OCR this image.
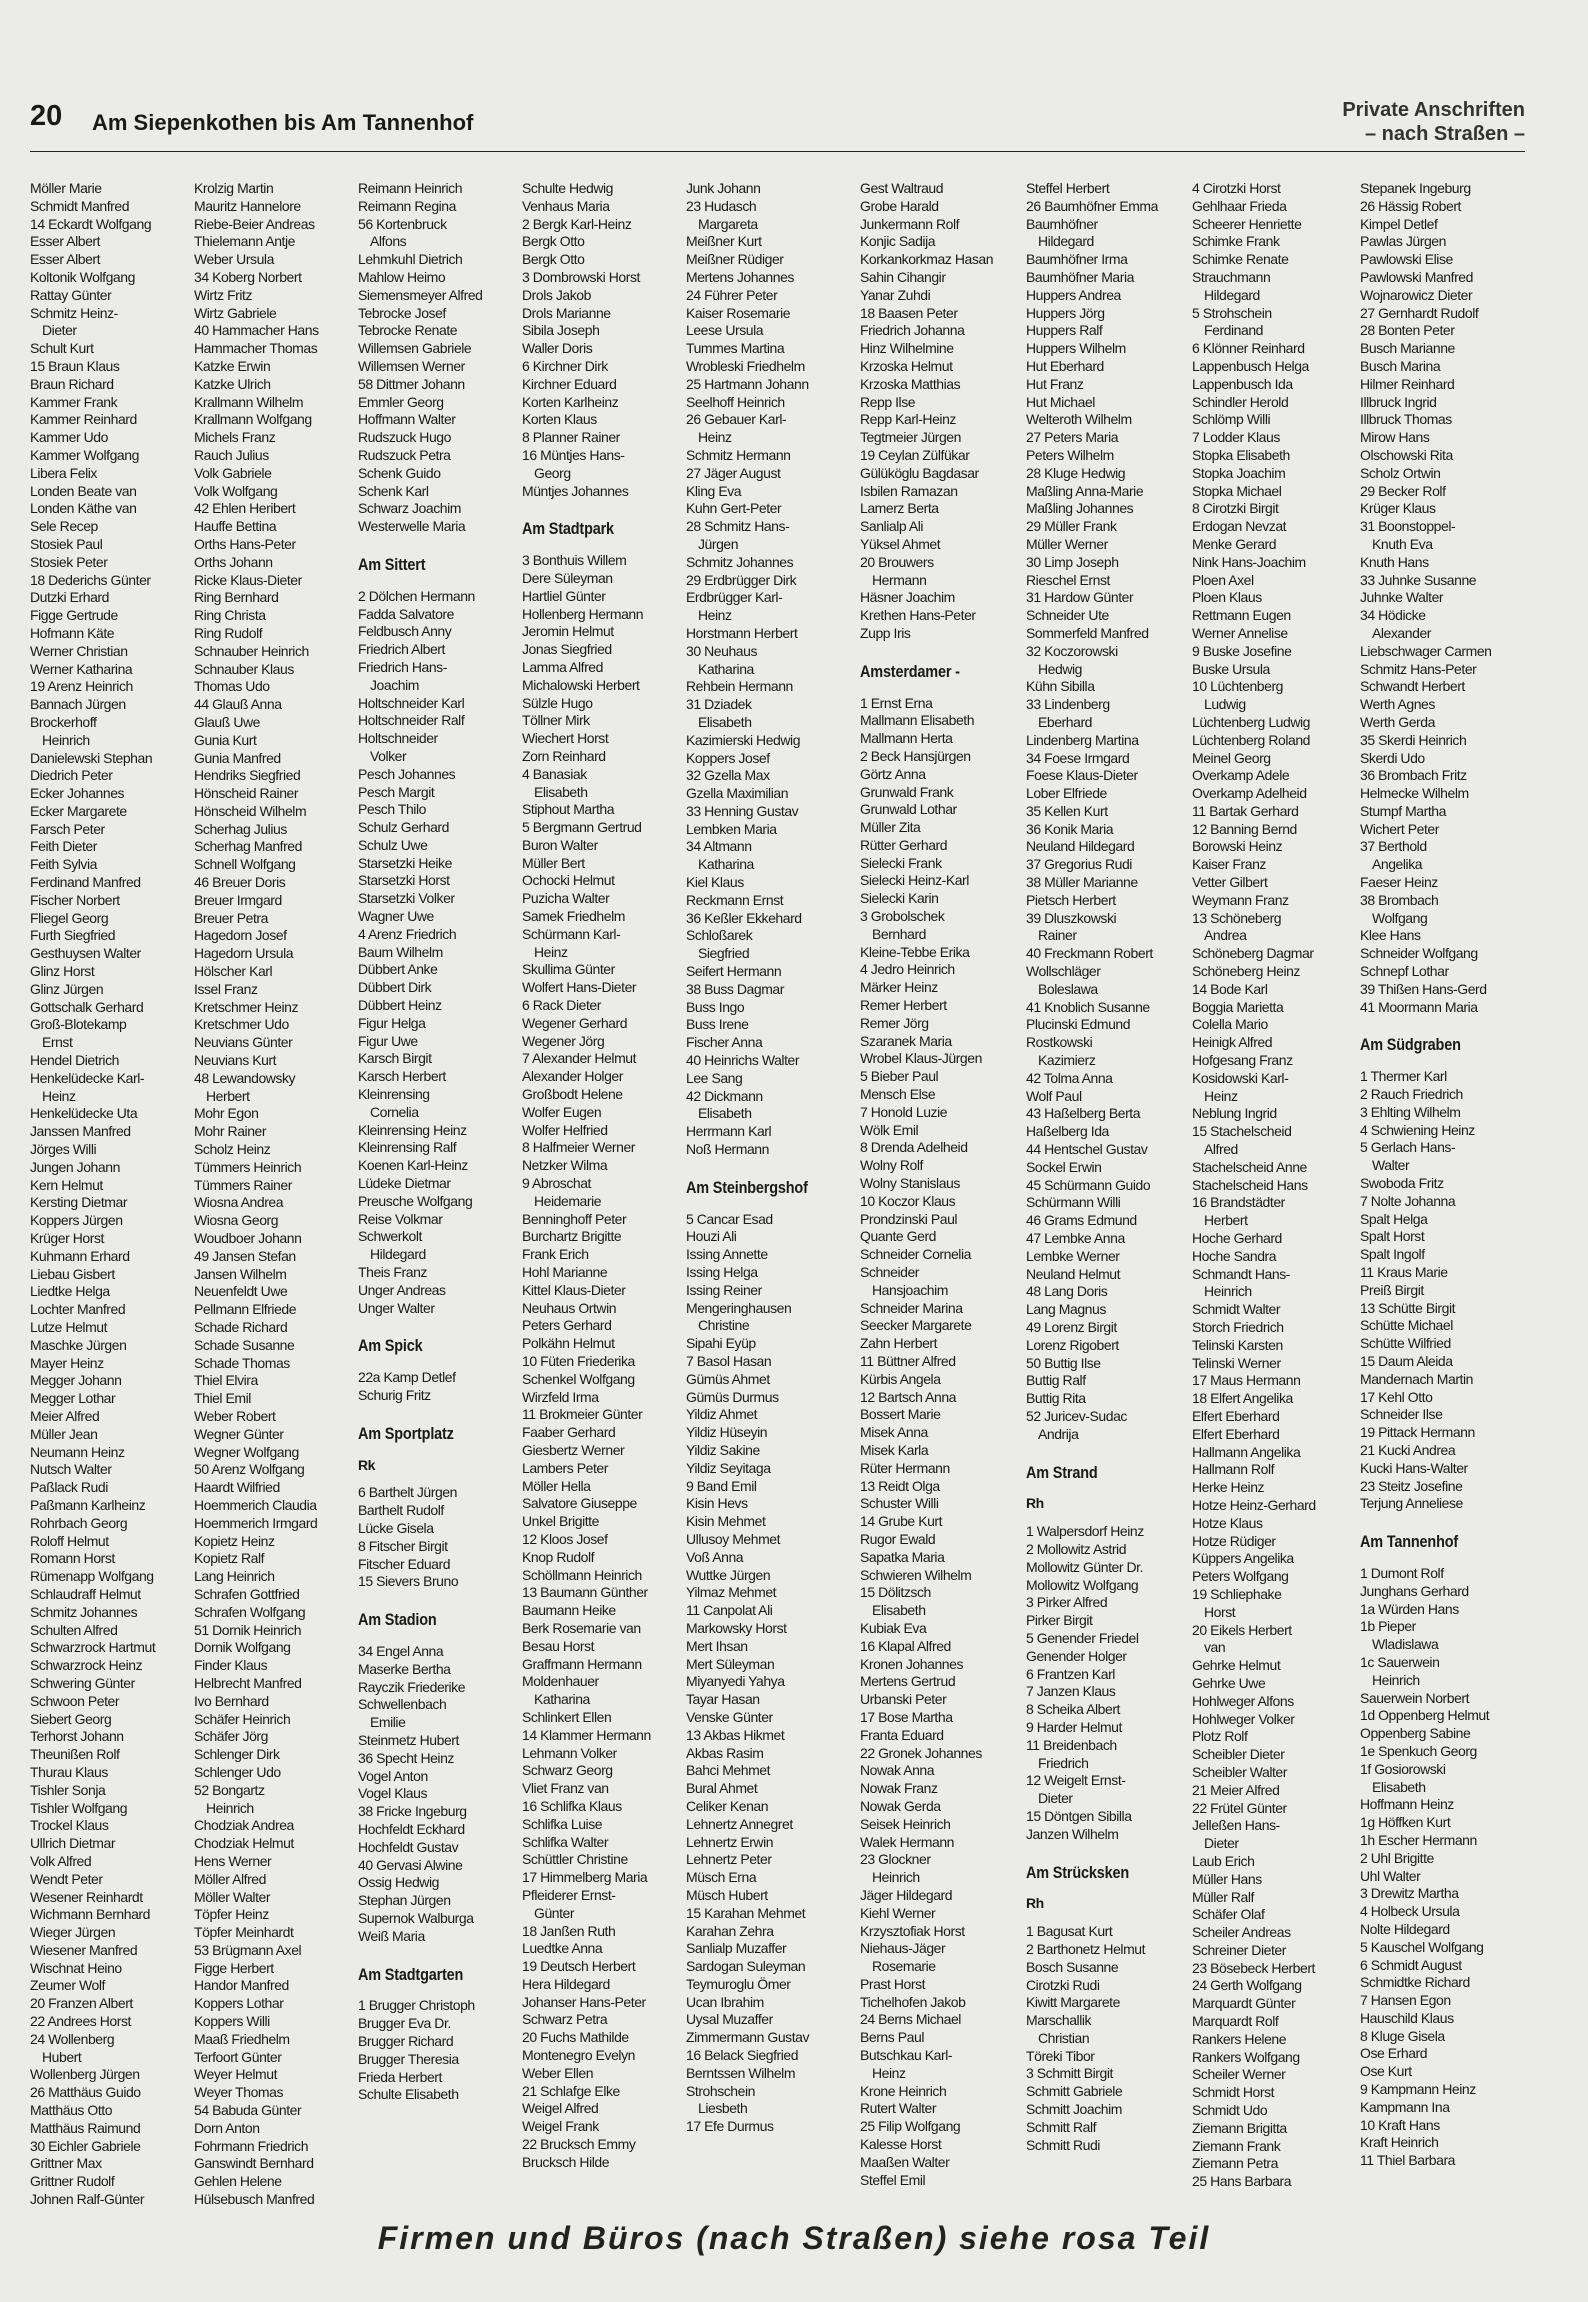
20 Am Siepenkothen bis Am Tannenhof	Private Anschriften
– nach Straßen –
Möller Marie
Schmidt Manfred
14 Eckardt Wolfgang
Esser Albert
Esser Albert
Koltonik Wolfgang
Rattay Günter
Schmitz Heinz-
Dieter
Schult Kurt
15 Braun Klaus
Braun Richard
Kammer Frank
Kammer Reinhard
Kammer Udo
Kammer Wolfgang
Libera Felix
Londen Beate van
Londen Käthe van
Sele Recep
Stosiek Paul
Stosiek Peter
18 Dederichs Günter
Dutzki Erhard
Figge Gertrude
Hofmann Käte
Werner Christian
Werner Katharina
19 Arenz Heinrich
Bannach Jürgen
Brockerhoff
Heinrich
Danielewski Stephan
Diedrich Peter
Ecker Johannes
Ecker Margarete
Farsch Peter
Feith Dieter
Feith Sylvia
Ferdinand Manfred
Fischer Norbert
Fliegel Georg
Furth Siegfried
Gesthuysen Walter
Glinz Horst
Glinz Jürgen
Gottschalk Gerhard
Groß-Blotekamp
Ernst
Hendel Dietrich
Henkelüdecke Karl-
Heinz
Henkelüdecke Uta
Janssen Manfred
Jörges Willi
Jungen Johann
Kern Helmut
Kersting Dietmar
Koppers Jürgen
Krüger Horst
Kuhmann Erhard
Liebau Gisbert
Liedtke Helga
Lochter Manfred
Lutze Helmut
Maschke Jürgen
Mayer Heinz
Megger Johann
Megger Lothar
Meier Alfred
Müller Jean
Neumann Heinz
Nutsch Walter
Paßlack Rudi
Paßmann Karlheinz
Rohrbach Georg
Roloff Helmut
Romann Horst
Rümenapp Wolfgang
Schlaudraff Helmut
Schmitz Johannes
Schulten Alfred
Schwarzrock Hartmut
Schwarzrock Heinz
Schwering Günter
Schwoon Peter
Siebert Georg
Terhorst Johann
Theunißen Rolf
Thurau Klaus
Tishler Sonja
Tishler Wolfgang
Trockel Klaus
Ullrich Dietmar
Volk Alfred
Wendt Peter
Wesener Reinhardt
Wichmann Bernhard
Wieger Jürgen
Wiesener Manfred
Wischnat Heino
Zeumer Wolf
20 Franzen Albert
22 Andrees Horst
24 Wollenberg
Hubert
Wollenberg Jürgen
26 Matthäus Guido
Matthäus Otto
Matthäus Raimund
30 Eichler Gabriele
Grittner Max
Grittner Rudolf
Johnen Ralf-Günter
Krolzig Martin
Mauritz Hannelore
Riebe-Beier Andreas
Thielemann Antje
Weber Ursula
34 Koberg Norbert
Wirtz Fritz
Wirtz Gabriele
40 Hammacher Hans
Hammacher Thomas
Katzke Erwin
Katzke Ulrich
Krallmann Wilhelm
Krallmann Wolfgang
Michels Franz
Rauch Julius
Volk Gabriele
Volk Wolfgang
42 Ehlen Heribert
Hauffe Bettina
Orths Hans-Peter
Orths Johann
Ricke Klaus-Dieter
Ring Bernhard
Ring Christa
Ring Rudolf
Schnauber Heinrich
Schnauber Klaus
Thomas Udo
44 Glauß Anna
Glauß Uwe
Gunia Kurt
Gunia Manfred
Hendriks Siegfried
Hönscheid Rainer
Hönscheid Wilhelm
Scherhag Julius
Scherhag Manfred
Schnell Wolfgang
46 Breuer Doris
Breuer Irmgard
Breuer Petra
Hagedorn Josef
Hagedorn Ursula
Hölscher Karl
Issel Franz
Kretschmer Heinz
Kretschmer Udo
Neuvians Günter
Neuvians Kurt
48 Lewandowsky
Herbert
Mohr Egon
Mohr Rainer
Scholz Heinz
Tümmers Heinrich
Tümmers Rainer
Wiosna Andrea
Wiosna Georg
Woudboer Johann
49 Jansen Stefan
Jansen Wilhelm
Neuenfeldt Uwe
Pellmann Elfriede
Schade Richard
Schade Susanne
Schade Thomas
Thiel Elvira
Thiel Emil
Weber Robert
Wegner Günter
Wegner Wolfgang
50 Arenz Wolfgang
Haardt Wilfried
Hoemmerich Claudia
Hoemmerich Irmgard
Kopietz Heinz
Kopietz Ralf
Lang Heinrich
Schrafen Gottfried
Schrafen Wolfgang
51 Dornik Heinrich
Dornik Wolfgang
Finder Klaus
Helbrecht Manfred
Ivo Bernhard
Schäfer Heinrich
Schäfer Jörg
Schlenger Dirk
Schlenger Udo
52 Bongartz
Heinrich
Chodziak Andrea
Chodziak Helmut
Hens Werner
Möller Alfred
Möller Walter
Töpfer Heinz
Töpfer Meinhardt
53 Brügmann Axel
Figge Herbert
Handor Manfred
Koppers Lothar
Koppers Willi
Maaß Friedhelm
Terfoort Günter
Weyer Helmut
Weyer Thomas
54 Babuda Günter
Dorn Anton
Fohrmann Friedrich
Ganswindt Bernhard
Gehlen Helene
Hülsebusch Manfred
Reimann Heinrich
Reimann Regina
56 Kortenbruck
Alfons
Lehmkuhl Dietrich
Mahlow Heimo
Siemensmeyer Alfred
Tebrocke Josef
Tebrocke Renate
Willemsen Gabriele
Willemsen Werner
58 Dittmer Johann
Emmler Georg
Hoffmann Walter
Rudszuck Hugo
Rudszuck Petra
Schenk Guido
Schenk Karl
Schwarz Joachim
Westerwelle Maria
Am Sittert
2 Dölchen Hermann
Fadda Salvatore
Feldbusch Anny
Friedrich Albert
Friedrich Hans-
Joachim
Holtschneider Karl
Holtschneider Ralf
Holtschneider
Volker
Pesch Johannes
Pesch Margit
Pesch Thilo
Schulz Gerhard
Schulz Uwe
Starsetzki Heike
Starsetzki Horst
Starsetzki Volker
Wagner Uwe
4 Arenz Friedrich
Baum Wilhelm
Dübbert Anke
Dübbert Dirk
Dübbert Heinz
Figur Helga
Figur Uwe
Karsch Birgit
Karsch Herbert
Kleinrensing
Cornelia
Kleinrensing Heinz
Kleinrensing Ralf
Koenen Karl-Heinz
Lüdeke Dietmar
Preusche Wolfgang
Reise Volkmar
Schwerkolt
Hildegard
Theis Franz
Unger Andreas
Unger Walter
Am Spick
22a Kamp Detlef
Schurig Fritz
Am Sportplatz
Rk
6 Barthelt Jürgen
Barthelt Rudolf
Lücke Gisela
8 Fitscher Birgit
Fitscher Eduard
15 Sievers Bruno
Am Stadion
34 Engel Anna
Maserke Bertha
Rayczik Friederike
Schwellenbach
Emilie
Steinmetz Hubert
36 Specht Heinz
Vogel Anton
Vogel Klaus
38 Fricke Ingeburg
Hochfeldt Eckhard
Hochfeldt Gustav
40 Gervasi Alwine
Ossig Hedwig
Stephan Jürgen
Supernok Walburga
Weiß Maria
Am Stadtgarten
1 Brugger Christoph
Brugger Eva Dr.
Brugger Richard
Brugger Theresia
Frieda Herbert
Schulte Elisabeth
Schulte Hedwig
Venhaus Maria
2 Bergk Karl-Heinz
Bergk Otto
Bergk Otto
3 Dombrowski Horst
Drols Jakob
Drols Marianne
Sibila Joseph
Waller Doris
6 Kirchner Dirk
Kirchner Eduard
Korten Karlheinz
Korten Klaus
8 Planner Rainer
16 Müntjes Hans-
Georg
Müntjes Johannes
Am Stadtpark
3 Bonthuis Willem
Dere Süleyman
Hartliel Günter
Hollenberg Hermann
Jeromin Helmut
Jonas Siegfried
Lamma Alfred
Michalowski Herbert
Sülzle Hugo
Töllner Mirk
Wiechert Horst
Zorn Reinhard
4 Banasiak
Elisabeth
Stiphout Martha
5 Bergmann Gertrud
Buron Walter
Müller Bert
Ochocki Helmut
Puzicha Walter
Samek Friedhelm
Schürmann Karl-
Heinz
Skullima Günter
Wolfert Hans-Dieter
6 Rack Dieter
Wegener Gerhard
Wegener Jörg
7 Alexander Helmut
Alexander Holger
Großbodt Helene
Wolfer Eugen
Wolfer Helfried
8 Halfmeier Werner
Netzker Wilma
9 Abroschat
Heidemarie
Benninghoff Peter
Burchartz Brigitte
Frank Erich
Hohl Marianne
Kittel Klaus-Dieter
Neuhaus Ortwin
Peters Gerhard
Polkähn Helmut
10 Füten Friederika
Schenkel Wolfgang
Wirzfeld Irma
11 Brokmeier Günter
Faaber Gerhard
Giesbertz Werner
Lambers Peter
Möller Hella
Salvatore Giuseppe
Unkel Brigitte
12 Kloos Josef
Knop Rudolf
Schöllmann Heinrich
13 Baumann Günther
Baumann Heike
Berk Rosemarie van
Besau Horst
Graffmann Hermann
Moldenhauer
Katharina
Schlinkert Ellen
14 Klammer Hermann
Lehmann Volker
Schwarz Georg
Vliet Franz van
16 Schlifka Klaus
Schlifka Luise
Schlifka Walter
Schüttler Christine
17 Himmelberg Maria
Pfleiderer Ernst-
Günter
18 Janßen Ruth
Luedtke Anna
19 Deutsch Herbert
Hera Hildegard
Johanser Hans-Peter
Schwarz Petra
20 Fuchs Mathilde
Montenegro Evelyn
Weber Ellen
21 Schlafge Elke
Weigel Alfred
Weigel Frank
22 Brucksch Emmy
Brucksch Hilde
Junk Johann
23 Hudasch
Margareta
Meißner Kurt
Meißner Rüdiger
Mertens Johannes
24 Führer Peter
Kaiser Rosemarie
Leese Ursula
Tummes Martina
Wrobleski Friedhelm
25 Hartmann Johann
Seelhoff Heinrich
26 Gebauer Karl-
Heinz
Schmitz Hermann
27 Jäger August
Kling Eva
Kuhn Gert-Peter
28 Schmitz Hans-
Jürgen
Schmitz Johannes
29 Erdbrügger Dirk
Erdbrügger Karl-
Heinz
Horstmann Herbert
30 Neuhaus
Katharina
Rehbein Hermann
31 Dziadek
Elisabeth
Kazimierski Hedwig
Koppers Josef
32 Gzella Max
Gzella Maximilian
33 Henning Gustav
Lembken Maria
34 Altmann
Katharina
Kiel Klaus
Reckmann Ernst
36 Keßler Ekkehard
Schloßarek
Siegfried
Seifert Hermann
38 Buss Dagmar
Buss Ingo
Buss Irene
Fischer Anna
40 Heinrichs Walter
Lee Sang
42 Dickmann
Elisabeth
Herrmann Karl
Noß Hermann
Am Steinbergshof
5 Cancar Esad
Houzi Ali
Issing Annette
Issing Helga
Issing Reiner
Mengeringhausen
Christine
Sipahi Eyüp
7 Basol Hasan
Gümüs Ahmet
Gümüs Durmus
Yildiz Ahmet
Yildiz Hüseyin
Yildiz Sakine
Yildiz Seyitaga
9 Band Emil
Kisin Hevs
Kisin Mehmet
Ullusoy Mehmet
Voß Anna
Wuttke Jürgen
Yilmaz Mehmet
11 Canpolat Ali
Markowsky Horst
Mert Ihsan
Mert Süleyman
Miyanyedi Yahya
Tayar Hasan
Venske Günter
13 Akbas Hikmet
Akbas Rasim
Bahci Mehmet
Bural Ahmet
Celiker Kenan
Lehnertz Annegret
Lehnertz Erwin
Lehnertz Peter
Müsch Erna
Müsch Hubert
15 Karahan Mehmet
Karahan Zehra
Sanlialp Muzaffer
Sardogan Suleyman
Teymuroglu Ömer
Ucan Ibrahim
Uysal Muzaffer
Zimmermann Gustav
16 Belack Siegfried
Berntssen Wilhelm
Strohschein
Liesbeth
17 Efe Durmus
Gest Waltraud
Grobe Harald
Junkermann Rolf
Konjic Sadija
Korkankorkmaz Hasan
Sahin Cihangir
Yanar Zuhdi
18 Baasen Peter
Friedrich Johanna
Hinz Wilhelmine
Krzoska Helmut
Krzoska Matthias
Repp Ilse
Repp Karl-Heinz
Tegtmeier Jürgen
19 Ceylan Zülfükar
Gülüköglu Bagdasar
Isbilen Ramazan
Lamerz Berta
Sanlialp Ali
Yüksel Ahmet
20 Brouwers
Hermann
Häsner Joachim
Krethen Hans-Peter
Zupp Iris
Amsterdamer -
1 Ernst Erna
Mallmann Elisabeth
Mallmann Herta
2 Beck Hansjürgen
Görtz Anna
Grunwald Frank
Grunwald Lothar
Müller Zita
Rütter Gerhard
Sielecki Frank
Sielecki Heinz-Karl
Sielecki Karin
3 Grobolschek
Bernhard
Kleine-Tebbe Erika
4 Jedro Heinrich
Märker Heinz
Remer Herbert
Remer Jörg
Szaranek Maria
Wrobel Klaus-Jürgen
5 Bieber Paul
Mensch Else
7 Honold Luzie
Wölk Emil
8 Drenda Adelheid
Wolny Rolf
Wolny Stanislaus
10 Koczor Klaus
Prondzinski Paul
Quante Gerd
Schneider Cornelia
Schneider
Hansjoachim
Schneider Marina
Seecker Margarete
Zahn Herbert
11 Büttner Alfred
Kürbis Angela
12 Bartsch Anna
Bossert Marie
Misek Anna
Misek Karla
Rüter Hermann
13 Reidt Olga
Schuster Willi
14 Grube Kurt
Rugor Ewald
Sapatka Maria
Schwieren Wilhelm
15 Dölitzsch
Elisabeth
Kubiak Eva
16 Klapal Alfred
Kronen Johannes
Mertens Gertrud
Urbanski Peter
17 Bose Martha
Franta Eduard
22 Gronek Johannes
Nowak Anna
Nowak Franz
Nowak Gerda
Seisek Heinrich
Walek Hermann
23 Glockner
Heinrich
Jäger Hildegard
Kiehl Werner
Krzysztofiak Horst
Niehaus-Jäger
Rosemarie
Prast Horst
Tichelhofen Jakob
24 Berns Michael
Berns Paul
Butschkau Karl-
Heinz
Krone Heinrich
Rutert Walter
25 Filip Wolfgang
Kalesse Horst
Maaßen Walter
Steffel Emil
Steffel Herbert
26 Baumhöfner Emma
Baumhöfner
Hildegard
Baumhöfner Irma
Baumhöfner Maria
Huppers Andrea
Huppers Jörg
Huppers Ralf
Huppers Wilhelm
Hut Eberhard
Hut Franz
Hut Michael
Welteroth Wilhelm
27 Peters Maria
Peters Wilhelm
28 Kluge Hedwig
Maßling Anna-Marie
Maßling Johannes
29 Müller Frank
Müller Werner
30 Limp Joseph
Rieschel Ernst
31 Hardow Günter
Schneider Ute
Sommerfeld Manfred
32 Koczorowski
Hedwig
Kühn Sibilla
33 Lindenberg
Eberhard
Lindenberg Martina
34 Foese Irmgard
Foese Klaus-Dieter
Lober Elfriede
35 Kellen Kurt
36 Konik Maria
Neuland Hildegard
37 Gregorius Rudi
38 Müller Marianne
Pietsch Herbert
39 Dluszkowski
Rainer
40 Freckmann Robert
Wollschläger
Boleslawa
41 Knoblich Susanne
Plucinski Edmund
Rostkowski
Kazimierz
42 Tolma Anna
Wolf Paul
43 Haßelberg Berta
Haßelberg Ida
44 Hentschel Gustav
Sockel Erwin
45 Schürmann Guido
Schürmann Willi
46 Grams Edmund
47 Lembke Anna
Lembke Werner
Neuland Helmut
48 Lang Doris
Lang Magnus
49 Lorenz Birgit
Lorenz Rigobert
50 Buttig Ilse
Buttig Ralf
Buttig Rita
52 Juricev-Sudac
Andrija
Am Strand
Rh
1 Walpersdorf Heinz
2 Mollowitz Astrid
Mollowitz Günter Dr.
Mollowitz Wolfgang
3 Pirker Alfred
Pirker Birgit
5 Genender Friedel
Genender Holger
6 Frantzen Karl
7 Janzen Klaus
8 Scheika Albert
9 Harder Helmut
11 Breidenbach
Friedrich
12 Weigelt Ernst-
Dieter
15 Döntgen Sibilla
Janzen Wilhelm
Am Strücksken
Rh
1 Bagusat Kurt
2 Barthonetz Helmut
Bosch Susanne
Cirotzki Rudi
Kiwitt Margarete
Marschallik
Christian
Töreki Tibor
3 Schmitt Birgit
Schmitt Gabriele
Schmitt Joachim
Schmitt Ralf
Schmitt Rudi
4 Cirotzki Horst
Gehlhaar Frieda
Scheerer Henriette
Schimke Frank
Schimke Renate
Strauchmann
Hildegard
5 Strohschein
Ferdinand
6 Klönner Reinhard
Lappenbusch Helga
Lappenbusch Ida
Schindler Herold
Schlömp Willi
7 Lodder Klaus
Stopka Elisabeth
Stopka Joachim
Stopka Michael
8 Cirotzki Birgit
Erdogan Nevzat
Menke Gerard
Nink Hans-Joachim
Ploen Axel
Ploen Klaus
Rettmann Eugen
Werner Annelise
9 Buske Josefine
Buske Ursula
10 Lüchtenberg
Ludwig
Lüchtenberg Ludwig
Lüchtenberg Roland
Meinel Georg
Overkamp Adele
Overkamp Adelheid
11 Bartak Gerhard
12 Banning Bernd
Borowski Heinz
Kaiser Franz
Vetter Gilbert
Weymann Franz
13 Schöneberg
Andrea
Schöneberg Dagmar
Schöneberg Heinz
14 Bode Karl
Boggia Marietta
Colella Mario
Heinigk Alfred
Hofgesang Franz
Kosidowski Karl-
Heinz
Neblung Ingrid
15 Stachelscheid
Alfred
Stachelscheid Anne
Stachelscheid Hans
16 Brandstädter
Herbert
Hoche Gerhard
Hoche Sandra
Schmandt Hans-
Heinrich
Schmidt Walter
Storch Friedrich
Telinski Karsten
Telinski Werner
17 Maus Hermann
18 Elfert Angelika
Elfert Eberhard
Elfert Eberhard
Hallmann Angelika
Hallmann Rolf
Herke Heinz
Hotze Heinz-Gerhard
Hotze Klaus
Hotze Rüdiger
Küppers Angelika
Peters Wolfgang
19 Schliephake
Horst
20 Eikels Herbert
van
Gehrke Helmut
Gehrke Uwe
Hohlweger Alfons
Hohlweger Volker
Plotz Rolf
Scheibler Dieter
Scheibler Walter
21 Meier Alfred
22 Frütel Günter
Jelleßen Hans-
Dieter
Laub Erich
Müller Hans
Müller Ralf
Schäfer Olaf
Scheiler Andreas
Schreiner Dieter
23 Bösebeck Herbert
24 Gerth Wolfgang
Marquardt Günter
Marquardt Rolf
Rankers Helene
Rankers Wolfgang
Scheiler Werner
Schmidt Horst
Schmidt Udo
Ziemann Brigitta
Ziemann Frank
Ziemann Petra
25 Hans Barbara
Stepanek Ingeburg
26 Hässig Robert
Kimpel Detlef
Pawlas Jürgen
Pawlowski Elise
Pawlowski Manfred
Wojnarowicz Dieter
27 Gernhardt Rudolf
28 Bonten Peter
Busch Marianne
Busch Marina
Hilmer Reinhard
Illbruck Ingrid
Illbruck Thomas
Mirow Hans
Olschowski Rita
Scholz Ortwin
29 Becker Rolf
Krüger Klaus
31 Boonstoppel-
Knuth Eva
Knuth Hans
33 Juhnke Susanne
Juhnke Walter
34 Hödicke
Alexander
Liebschwager Carmen
Schmitz Hans-Peter
Schwandt Herbert
Werth Agnes
Werth Gerda
35 Skerdi Heinrich
Skerdi Udo
36 Brombach Fritz
Helmecke Wilhelm
Stumpf Martha
Wichert Peter
37 Berthold
Angelika
Faeser Heinz
38 Brombach
Wolfgang
Klee Hans
Schneider Wolfgang
Schnepf Lothar
39 Thißen Hans-Gerd
41 Moormann Maria
Am Südgraben
1 Thermer Karl
2 Rauch Friedrich
3 Ehlting Wilhelm
4 Schwiening Heinz
5 Gerlach Hans-
Walter
Swoboda Fritz
7 Nolte Johanna
Spalt Helga
Spalt Horst
Spalt Ingolf
11 Kraus Marie
Preiß Birgit
13 Schütte Birgit
Schütte Michael
Schütte Wilfried
15 Daum Aleida
Mandernach Martin
17 Kehl Otto
Schneider Ilse
19 Pittack Hermann
21 Kucki Andrea
Kucki Hans-Walter
23 Steitz Josefine
Terjung Anneliese
Am Tannenhof
1 Dumont Rolf
Junghans Gerhard
1a Würden Hans
1b Pieper
Wladislawa
1c Sauerwein
Heinrich
Sauerwein Norbert
1d Oppenberg Helmut
Oppenberg Sabine
1e Spenkuch Georg
1f Gosiorowski
Elisabeth
Hoffmann Heinz
1g Höffken Kurt
1h Escher Hermann
2 Uhl Brigitte
Uhl Walter
3 Drewitz Martha
4 Holbeck Ursula
Nolte Hildegard
5 Kauschel Wolfgang
6 Schmidt August
Schmidtke Richard
7 Hansen Egon
Hauschild Klaus
8 Kluge Gisela
Ose Erhard
Ose Kurt
9 Kampmann Heinz
Kampmann Ina
10 Kraft Hans
Kraft Heinrich
11 Thiel Barbara
Firmen und Büros (nach Straßen) siehe rosa Teil
